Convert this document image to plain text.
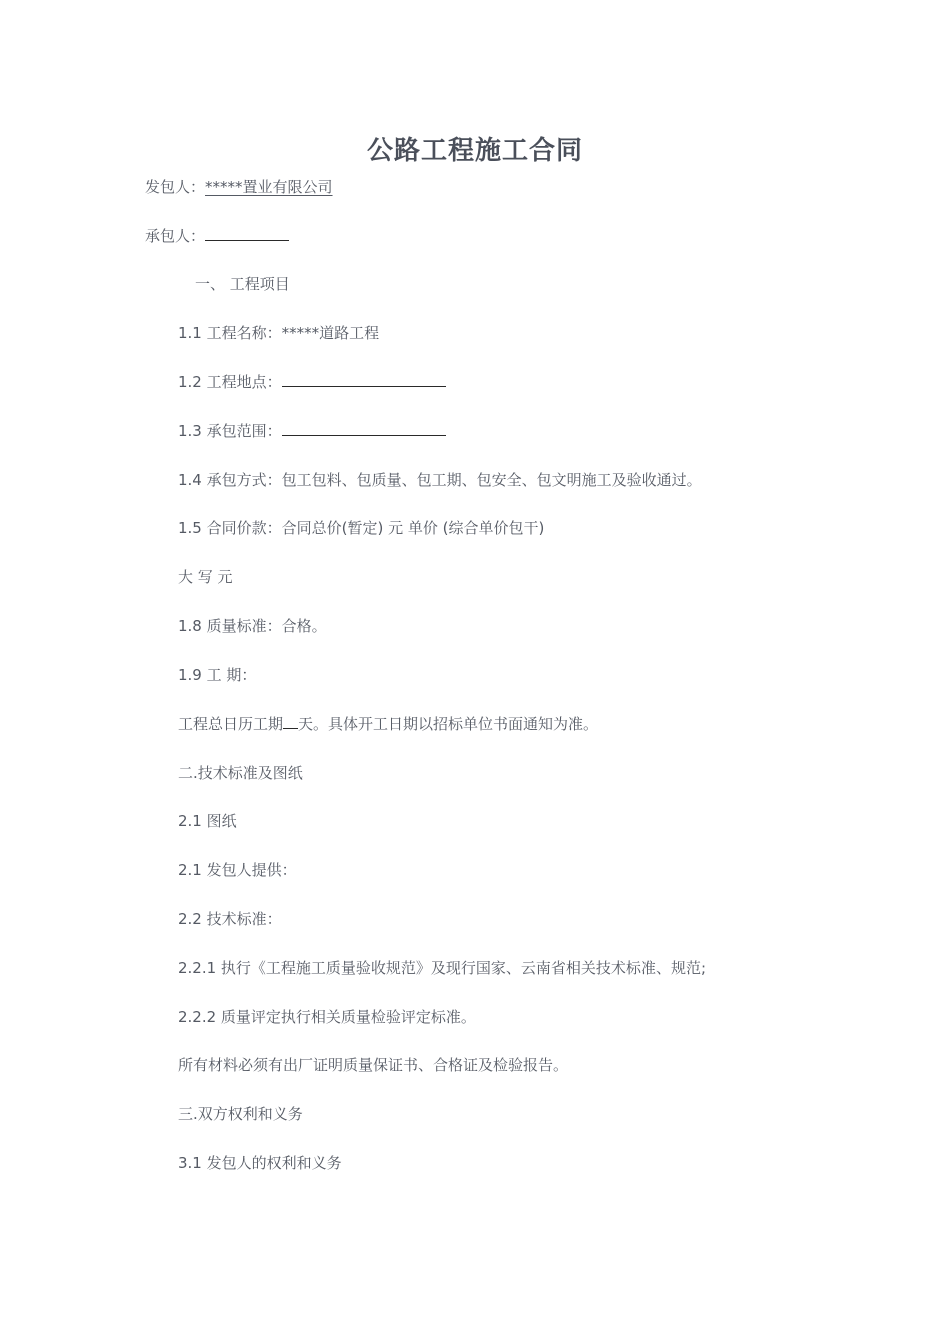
公路工程施工合同
发包人：*****置业有限公司
承包人：
一、 工程项目
1.1 工程名称：*****道路工程
1.2 工程地点：
1.3 承包范围：
1.4 承包方式：包工包料、包质量、包工期、包安全、包文明施工及验收通过。
1.5 合同价款：合同总价(暂定) 元 单价 (综合单价包干)
大 写 元
1.8 质量标准：合格。
1.9 工 期：
工程总日历工期 天。具体开工日期以招标单位书面通知为准。
二.技术标准及图纸
2.1 图纸
2.1 发包人提供：
2.2 技术标准：
2.2.1 执行《工程施工质量验收规范》及现行国家、云南省相关技术标准、规范;
2.2.2 质量评定执行相关质量检验评定标准。
所有材料必须有出厂证明质量保证书、合格证及检验报告。
三.双方权利和义务
3.1 发包人的权利和义务
